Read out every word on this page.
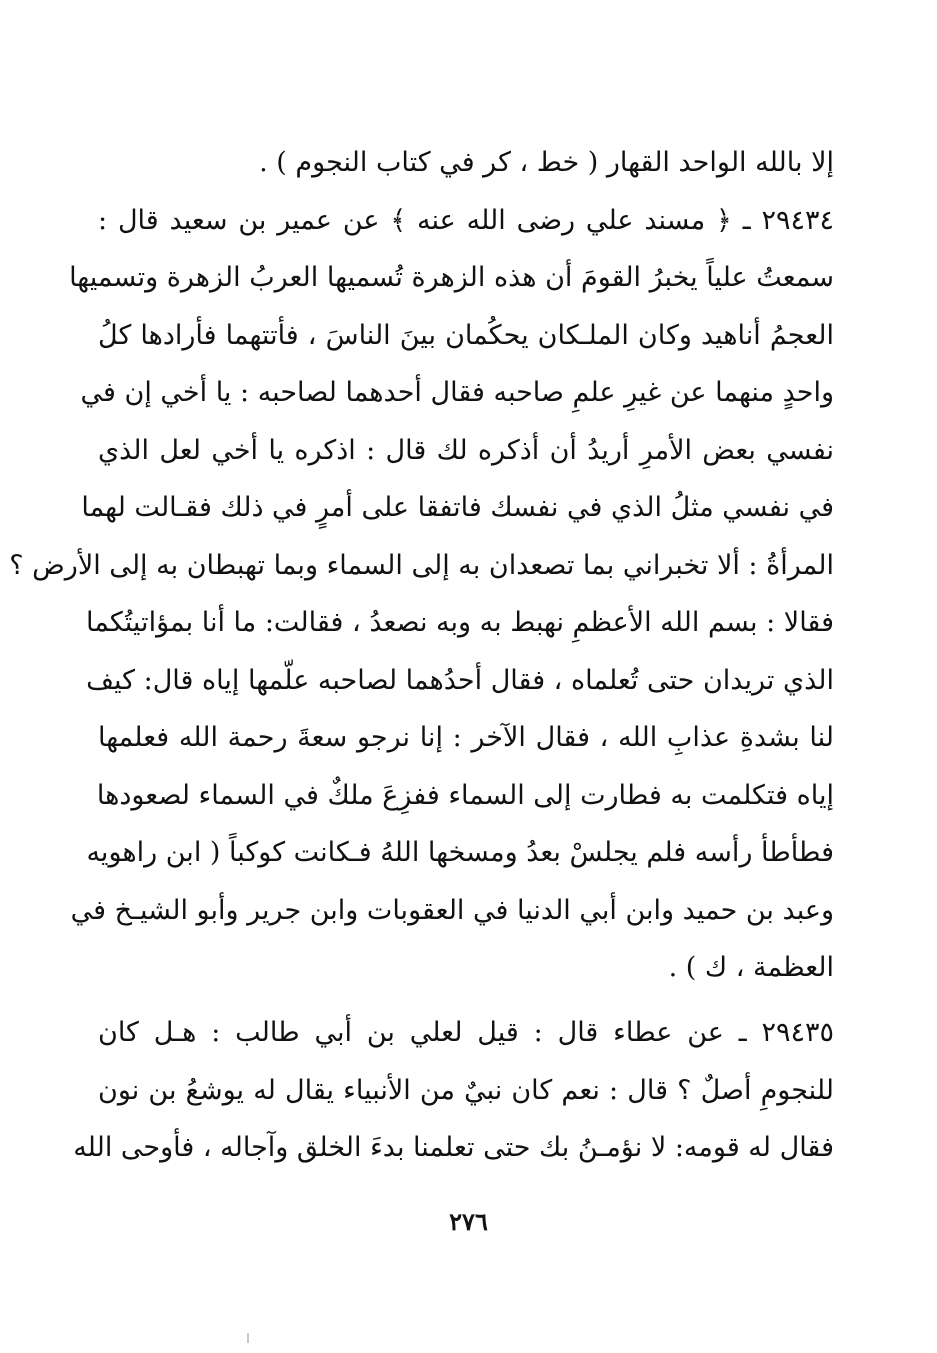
إلا بالله الواحد القهار ( خط ، كر في كتاب النجوم ) .
٢٩٤٣٤ ـ ﴿ مسند علي رضى الله عنه ﴾ عن عمير بن سعيد قال :
سمعتُ علياً يخبرُ القومَ أن هذه الزهرة تُسميها العربُ الزهرة وتسميها
العجمُ أناهيد وكان الملـكان يحكُمان بينَ الناسَ ، فأتتهما فأرادها كلُ
واحدٍ منهما عن غيرِ علمِ صاحبه فقال أحدهما لصاحبه : يا أخي إن في
نفسي بعض الأمرِ أريدُ أن أذكره لك قال : اذكره يا أخي لعل الذي
في نفسي مثلُ الذي في نفسك فاتفقا على أمرٍ في ذلك فقـالت لهما
المرأةُ : ألا تخبراني بما تصعدان به إلى السماء وبما تهبطان به إلى الأرض ؟
فقالا : بسم الله الأعظمِ نهبط به وبه نصعدُ ، فقالت: ما أنا بمؤاتيتُكما
الذي تريدان حتى تُعلماه ، فقال أحدُهما لصاحبه علّمها إياه قال: كيف
لنا بشدةِ عذابِ الله ، فقال الآخر : إنا نرجو سعةَ رحمة الله فعلمها
إياه فتكلمت به فطارت إلى السماء ففزِعَ ملكٌ في السماء لصعودها
فطأطأ رأسه فلم يجلسْ بعدُ ومسخها اللهُ فـكانت كوكباً ( ابن راهويه
وعبد بن حميد وابن أبي الدنيا في العقوبات وابن جرير وأبو الشيـخ في
العظمة ، ك ) .
٢٩٤٣٥ ـ عن عطاء قال : قيل لعلي بن أبي طالب : هـل كان
للنجومِ أصلٌ ؟ قال : نعم كان نبيٌ من الأنبياء يقال له يوشعُ بن نون
فقال له قومه: لا نؤمـنُ بك حتى تعلمنا بدءَ الخلق وآجاله ، فأوحى الله
٢٧٦
